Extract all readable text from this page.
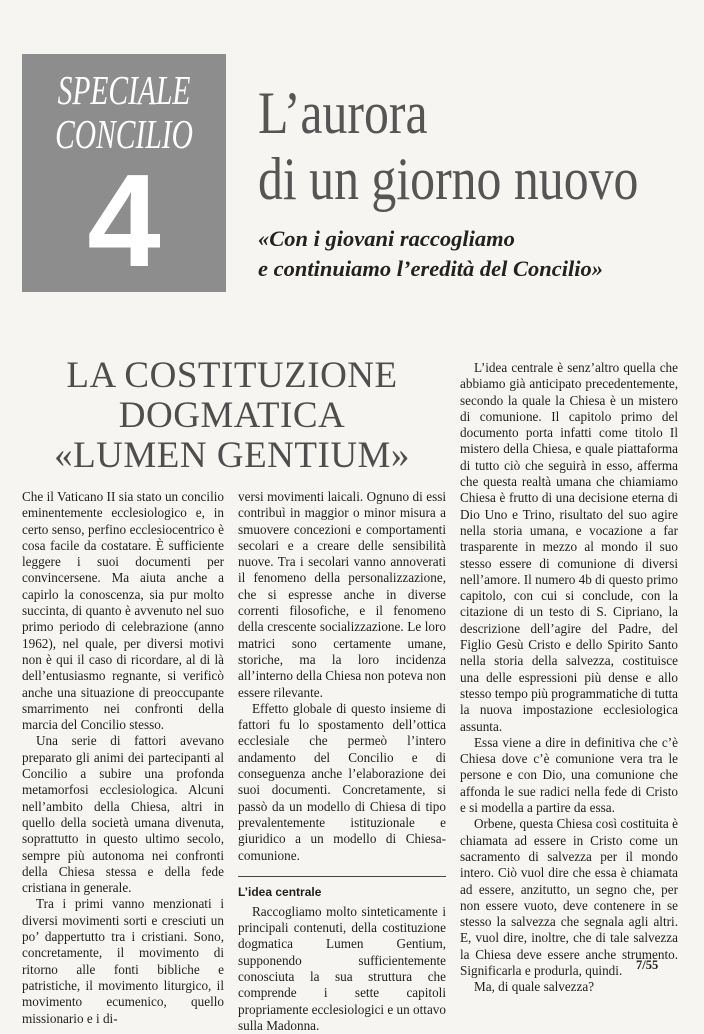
SPECIALE
CONCILIO
4
L’aurora
di un giorno nuovo
«Con i giovani raccogliamo
e continuiamo l’eredità del Concilio»
LA COSTITUZIONE
DOGMATICA
«LUMEN GENTIUM»

Che il Vaticano II sia stato un concilio eminentemente ecclesiologico e, in certo senso, perfino ecclesiocentrico è cosa facile da costatare. È sufficiente leggere i suoi documenti per convincersene. Ma aiuta anche a capirlo la conoscenza, sia pur molto succinta, di quanto è avvenuto nel suo primo periodo di celebrazione (anno 1962), nel quale, per diversi motivi non è qui il caso di ricordare, al di là dell’entusiasmo regnante, si verificò anche una situazione di preoccupante smarrimento nei confronti della marcia del Concilio stesso.

Una serie di fattori avevano preparato gli animi dei partecipanti al Concilio a subire una profonda metamorfosi ecclesiologica. Alcuni nell’ambito della Chiesa, altri in quello della società umana divenuta, soprattutto in questo ultimo secolo, sempre più autonoma nei confronti della Chiesa stessa e della fede cristiana in generale.

Tra i primi vanno menzionati i diversi movimenti sorti e cresciuti un po’ dappertutto tra i cristiani. Sono, concretamente, il movimento di ritorno alle fonti bibliche e patristiche, il movimento liturgico, il movimento ecumenico, quello missionario e i di-

versi movimenti laicali. Ognuno di essi contribuì in maggior o minor misura a smuovere concezioni e comportamenti secolari e a creare delle sensibilità nuove. Tra i secolari vanno annoverati il fenomeno della personalizzazione, che si espresse anche in diverse correnti filosofiche, e il fenomeno della crescente socializzazione. Le loro matrici sono certamente umane, storiche, ma la loro incidenza all’interno della Chiesa non poteva non essere rilevante.

Effetto globale di questo insieme di fattori fu lo spostamento dell’ottica ecclesiale che permeò l’intero andamento del Concilio e di conseguenza anche l’elaborazione dei suoi documenti. Concretamente, si passò da un modello di Chiesa di tipo prevalentemente istituzionale e giuridico a un modello di Chiesa-comunione.

L’idea centrale

Raccogliamo molto sinteticamente i principali contenuti, della costituzione dogmatica Lumen Gentium, supponendo sufficientemente conosciuta la sua struttura che comprende i sette capitoli propriamente ecclesiologici e un ottavo sulla Madonna.

L’idea centrale è senz’altro quella che abbiamo già anticipato precedentemente, secondo la quale la Chiesa è un mistero di comunione. Il capitolo primo del documento porta infatti come titolo Il mistero della Chiesa, e quale piattaforma di tutto ciò che seguirà in esso, afferma che questa realtà umana che chiamiamo Chiesa è frutto di una decisione eterna di Dio Uno e Trino, risultato del suo agire nella storia umana, e vocazione a far trasparente in mezzo al mondo il suo stesso essere di comunione di diversi nell’amore. Il numero 4b di questo primo capitolo, con cui si conclude, con la citazione di un testo di S. Cipriano, la descrizione dell’agire del Padre, del Figlio Gesù Cristo e dello Spirito Santo nella storia della salvezza, costituisce una delle espressioni più dense e allo stesso tempo più programmatiche di tutta la nuova impostazione ecclesiologica assunta.

Essa viene a dire in definitiva che c’è Chiesa dove c’è comunione vera tra le persone e con Dio, una comunione che affonda le sue radici nella fede di Cristo e si modella a partire da essa.

Orbene, questa Chiesa così costituita è chiamata ad essere in Cristo come un sacramento di salvezza per il mondo intero. Ciò vuol dire che essa è chiamata ad essere, anzitutto, un segno che, per non essere vuoto, deve contenere in se stesso la salvezza che segnala agli altri. E, vuol dire, inoltre, che di tale salvezza la Chiesa deve essere anche strumento. Significarla e produrla, quindi.

Ma, di quale salvezza?

7/55
